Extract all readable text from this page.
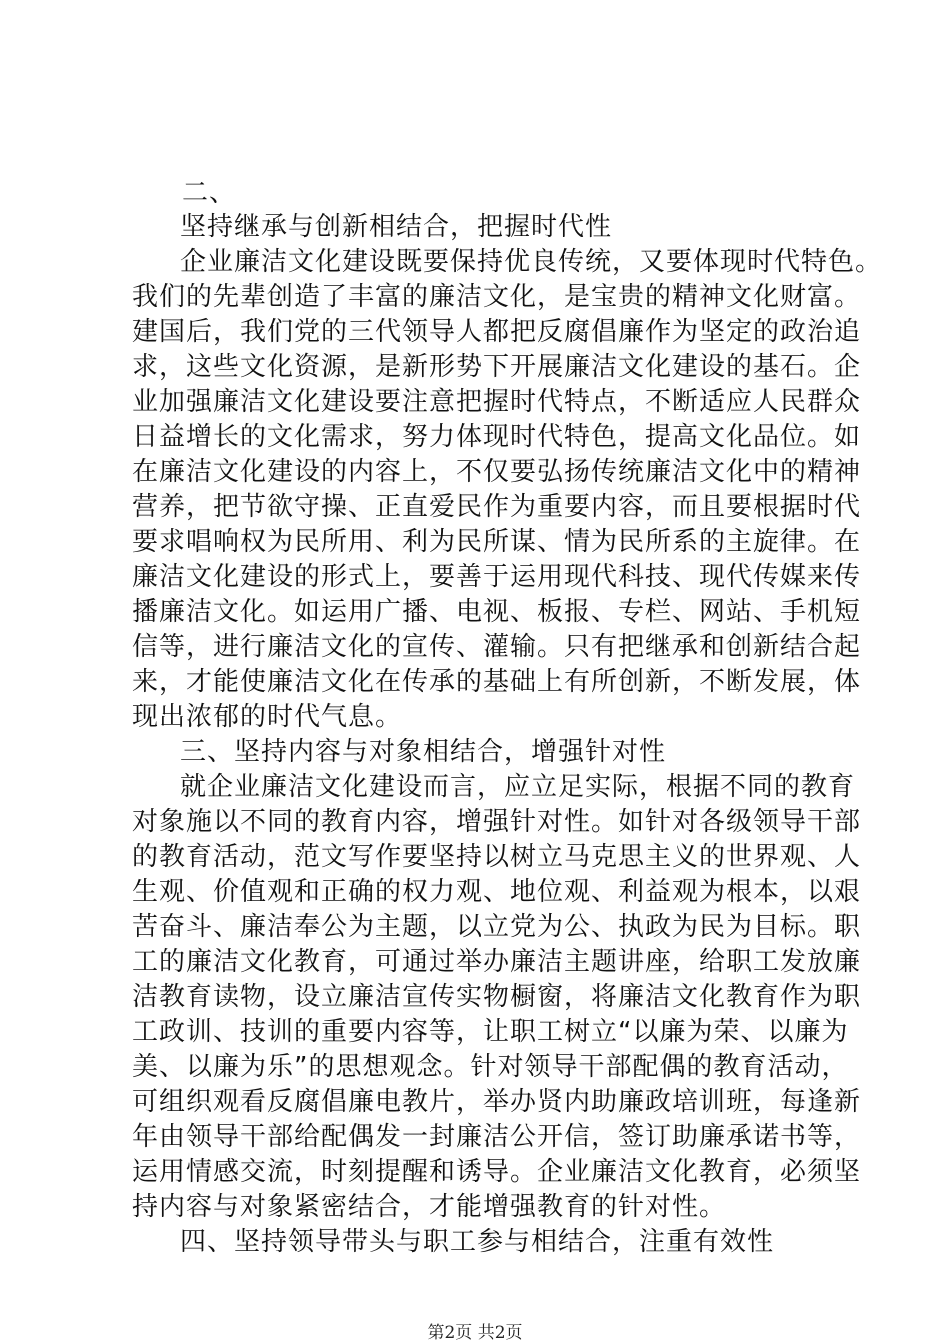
二、
坚持继承与创新相结合，把握时代性
企业廉洁文化建设既要保持优良传统，又要体现时代特色。
我们的先辈创造了丰富的廉洁文化，是宝贵的精神文化财富。
建国后，我们党的三代领导人都把反腐倡廉作为坚定的政治追
求，这些文化资源，是新形势下开展廉洁文化建设的基石。企
业加强廉洁文化建设要注意把握时代特点，不断适应人民群众
日益增长的文化需求，努力体现时代特色，提高文化品位。如
在廉洁文化建设的内容上，不仅要弘扬传统廉洁文化中的精神
营养，把节欲守操、正直爱民作为重要内容，而且要根据时代
要求唱响权为民所用、利为民所谋、情为民所系的主旋律。在
廉洁文化建设的形式上，要善于运用现代科技、现代传媒来传
播廉洁文化。如运用广播、电视、板报、专栏、网站、手机短
信等，进行廉洁文化的宣传、灌输。只有把继承和创新结合起
来，才能使廉洁文化在传承的基础上有所创新，不断发展，体
现出浓郁的时代气息。
三、坚持内容与对象相结合，增强针对性
就企业廉洁文化建设而言，应立足实际，根据不同的教育
对象施以不同的教育内容，增强针对性。如针对各级领导干部
的教育活动，范文写作要坚持以树立马克思主义的世界观、人
生观、价值观和正确的权力观、地位观、利益观为根本，以艰
苦奋斗、廉洁奉公为主题，以立党为公、执政为民为目标。职
工的廉洁文化教育，可通过举办廉洁主题讲座，给职工发放廉
洁教育读物，设立廉洁宣传实物橱窗，将廉洁文化教育作为职
工政训、技训的重要内容等，让职工树立“以廉为荣、以廉为
美、以廉为乐”的思想观念。针对领导干部配偶的教育活动，
可组织观看反腐倡廉电教片，举办贤内助廉政培训班，每逢新
年由领导干部给配偶发一封廉洁公开信，签订助廉承诺书等，
运用情感交流，时刻提醒和诱导。企业廉洁文化教育，必须坚
持内容与对象紧密结合，才能增强教育的针对性。
四、坚持领导带头与职工参与相结合，注重有效性
第2页 共2页
